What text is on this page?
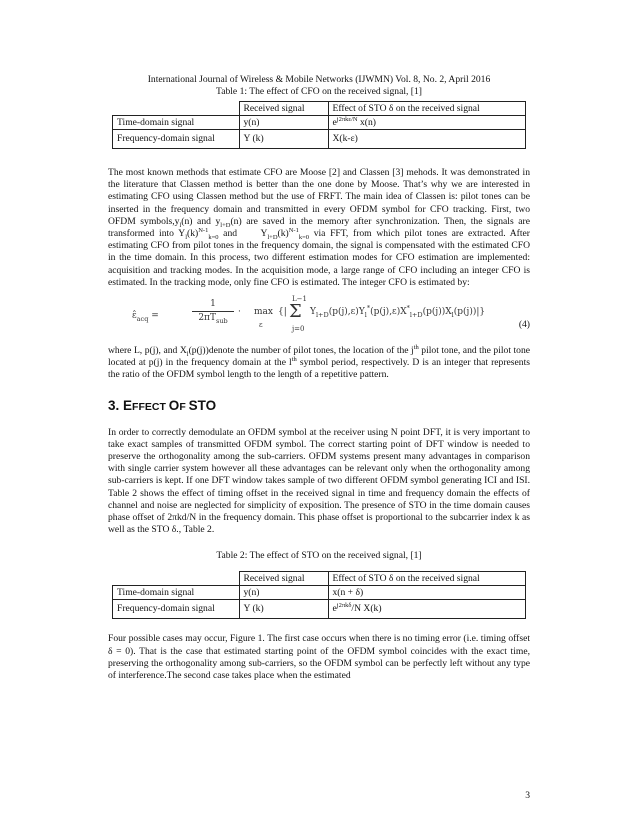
International Journal of Wireless & Mobile Networks (IJWMN) Vol. 8, No. 2, April 2016

Table 1: The effect of CFO on the received signal, [1]

	Received signal	Effect of STO δ on the received signal
Time-domain signal	y(n)	$e^{j2\pi k\varepsilon/N}$ x(n)
Frequency-domain signal	Y (k)	X(k-ε)

The most known methods that estimate CFO are Moose [2] and Classen [3] mehods. It was demonstrated in the literature that Classen method is better than the one done by Moose. That’s why we are interested in estimating CFO using Classen method but the use of FRFT. The main idea of Classen is: pilot tones can be inserted in the frequency domain and transmitted in every OFDM symbol for CFO tracking. First, two OFDM $symbols,y_l(n)$ and $y_{l+D}(n)$ are saved in the memory after synchronization. Then, the signals are transformed into $Y_l(k)^{N-1}_{k=0}$ and     $Y_{l+D}(k)^{N-1}_{k=0}$ via FFT, from which pilot tones are extracted. After estimating CFO from pilot tones in the frequency domain, the signal is compensated with the estimated CFO in the time domain. In this process, two different estimation modes for CFO estimation are implemented: acquisition and tracking modes. In the acquisition mode, a large range of CFO including an integer CFO is estimated. In the tracking mode, only fine CFO is estimated. The integer CFO is estimated by:

$\varepsilon̂_{acq}$ =
1
$2\pi T_{sub}$
· max
ε
{|
L−1
Σ
j=0
$Y_{l+D}(p(j),\varepsilon)Y_l^*(p(j),\varepsilon)X^*_{l+D}(p(j))X_l(p(j))|$}
(4)

where L, p(j), and $X_l(p(j))denote$ the number of pilot tones, the location of the $j^{th}$ pilot tone, and the pilot tone located at p(j) in the frequency domain at the $l^{th}$ symbol period, respectively. D is an integer that represents the ratio of the OFDM symbol length to the length of a repetitive pattern.

3. EFFECT OF STO

In order to correctly demodulate an OFDM symbol at the receiver using N point DFT, it is very important to take exact samples of transmitted OFDM symbol. The correct starting point of DFT window is needed to preserve the orthogonality among the sub-carriers. OFDM systems present many advantages in comparison with single carrier system however all these advantages can be relevant only when the orthogonality among sub-carriers is kept. If one DFT window takes sample of two different OFDM symbol generating ICI and ISI. Table 2 shows the effect of timing offset in the received signal in time and frequency domain the effects of channel and noise are neglected for simplicity of exposition. The presence of STO in the time domain causes phase offset of 2πkd/N in the frequency domain. This phase offset is proportional to the subcarrier index k as well as the STO δ., Table 2.

Table 2: The effect of STO on the received signal, [1]

	Received signal	Effect of STO δ on the received signal
Time-domain signal	y(n)	x(n + δ)
Frequency-domain signal	Y (k)	$e^{j2\pi k\delta}/N$ X(k)

Four possible cases may occur, Figure 1. The first case occurs when there is no timing error (i.e. timing offset δ = 0). That is the case that estimated starting point of the OFDM symbol coincides with the exact time, preserving the orthogonality among sub-carriers, so the OFDM symbol can be perfectly left without any type of interference.The second case takes place when the estimated

3
